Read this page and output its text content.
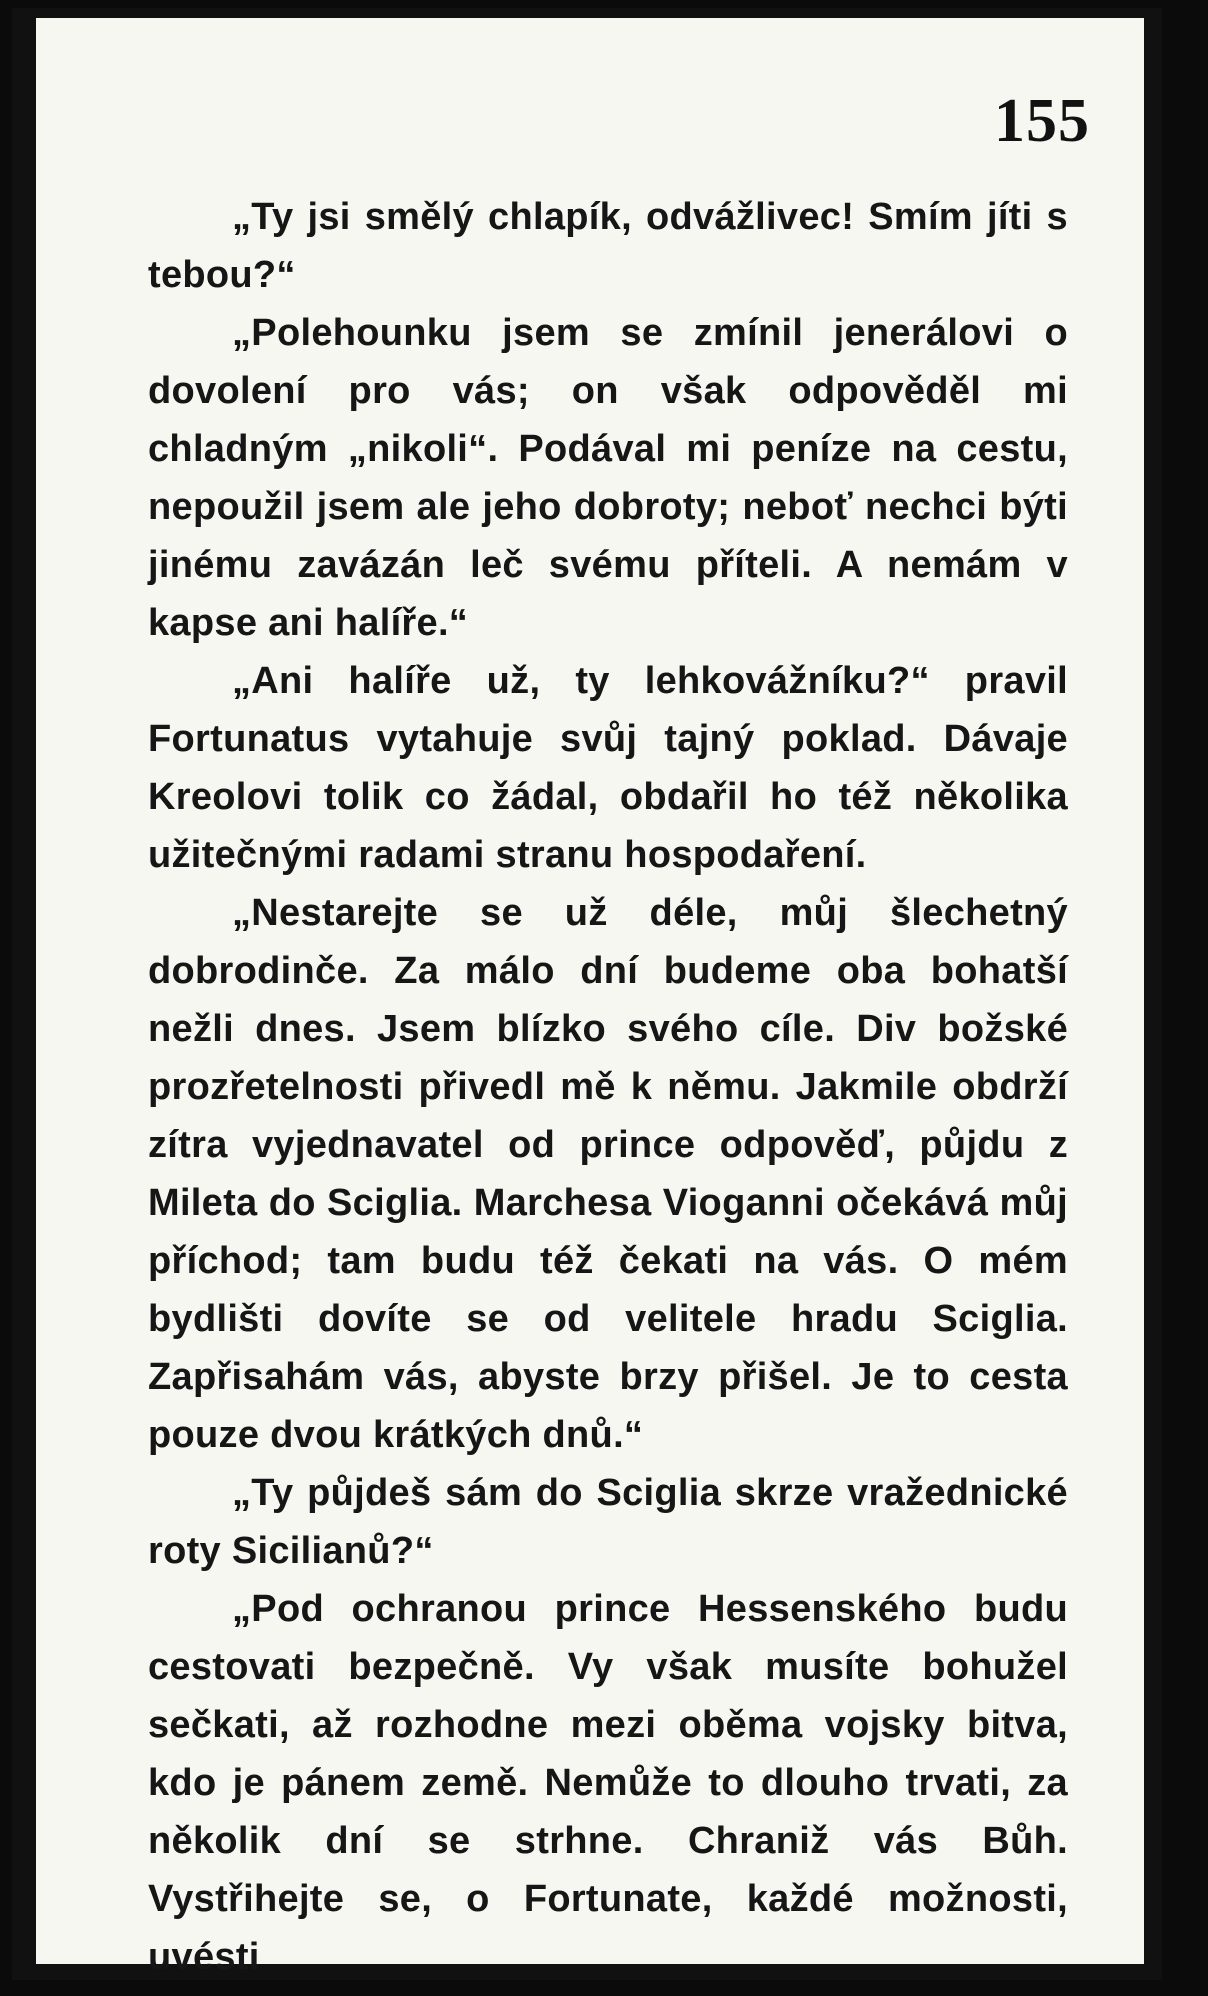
155

„Ty jsi smělý chlapík, odvážlivec! Smím jíti s tebou?“

„Polehounku jsem se zmínil jenerálovi o dovolení pro vás; on však odpověděl mi chladným „nikoli“. Podával mi peníze na cestu, nepoužil jsem ale jeho dobroty; neboť nechci býti jinému zavázán leč svému příteli. A nemám v kapse ani halíře.“

„Ani halíře už, ty lehkovážníku?“ pravil Fortunatus vytahuje svůj tajný poklad. Dávaje Kreolovi tolik co žádal, obdařil ho též několika užitečnými radami stranu hospodaření.

„Nestarejte se už déle, můj šlechetný dobrodinče. Za málo dní budeme oba bohatší nežli dnes. Jsem blízko svého cíle. Div božské prozřetelnosti přivedl mě k němu. Jakmile obdrží zítra vyjednavatel od prince odpověď, půjdu z Mileta do Sciglia. Marchesa Vioganni očekává můj příchod; tam budu též čekati na vás. O mém bydlišti dovíte se od velitele hradu Sciglia. Zapřisahám vás, abyste brzy přišel. Je to cesta pouze dvou krátkých dnů.“

„Ty půjdeš sám do Sciglia skrze vražednické roty Sicilianů?“

„Pod ochranou prince Hessenského budu cestovati bezpečně. Vy však musíte bohužel sečkati, až rozhodne mezi oběma vojsky bitva, kdo je pánem země. Nemůže to dlouho trvati, za několik dní se strhne. Chraniž vás Bůh. Vystřihejte se, o Fortunate, každé možnosti, uvésti
